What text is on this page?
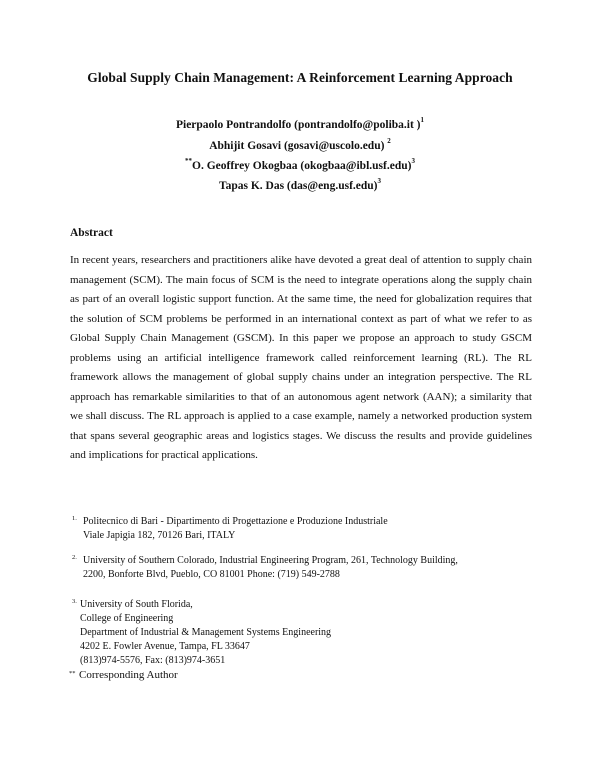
Global Supply Chain Management: A Reinforcement Learning Approach
Pierpaolo Pontrandolfo (pontrandolfo@poliba.it )$^1$
Abhijit Gosavi (gosavi@uscolo.edu) $^2$
**O. Geoffrey Okogbaa (okogbaa@ibl.usf.edu)$^3$
Tapas K. Das (das@eng.usf.edu)$^3$
Abstract
In recent years, researchers and practitioners alike have devoted a great deal of attention to supply chain management (SCM). The main focus of SCM is the need to integrate operations along the supply chain as part of an overall logistic support function. At the same time, the need for globalization requires that the solution of SCM problems be performed in an international context as part of what we refer to as Global Supply Chain Management (GSCM). In this paper we propose an approach to study GSCM problems using an artificial intelligence framework called reinforcement learning (RL). The RL framework allows the management of global supply chains under an integration perspective. The RL approach has remarkable similarities to that of an autonomous agent network (AAN); a similarity that we shall discuss. The RL approach is applied to a case example, namely a networked production system that spans several geographic areas and logistics stages. We discuss the results and provide guidelines and implications for practical applications.
1. Politecnico di Bari - Dipartimento di Progettazione e Produzione Industriale
Viale Japigia 182, 70126 Bari, ITALY
2. University of Southern Colorado, Industrial Engineering Program, 261, Technology Building,
2200, Bonforte Blvd, Pueblo, CO 81001 Phone: (719) 549-2788
3. University of South Florida,
College of Engineering
Department of Industrial & Management Systems Engineering
4202 E. Fowler Avenue, Tampa, FL 33647
(813)974-5576, Fax: (813)974-3651
** Corresponding Author
